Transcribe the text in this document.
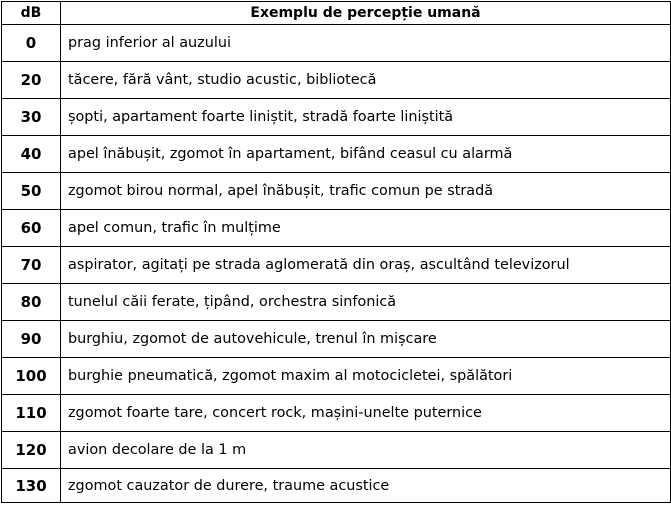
dB	Exemplu de percepție umană
0	prag inferior al auzului
20	tăcere, fără vânt, studio acustic, bibliotecă
30	șopti, apartament foarte liniștit, stradă foarte liniștită
40	apel înăbușit, zgomot în apartament, bifând ceasul cu alarmă
50	zgomot birou normal, apel înăbușit, trafic comun pe stradă
60	apel comun, trafic în mulțime
70	aspirator, agitați pe strada aglomerată din oraș, ascultând televizorul
80	tunelul căii ferate, țipând, orchestra sinfonică
90	burghiu, zgomot de autovehicule, trenul în mișcare
100	burghie pneumatică, zgomot maxim al motocicletei, spălători
110	zgomot foarte tare, concert rock, mașini-unelte puternice
120	avion decolare de la 1 m
130	zgomot cauzator de durere, traume acustice
